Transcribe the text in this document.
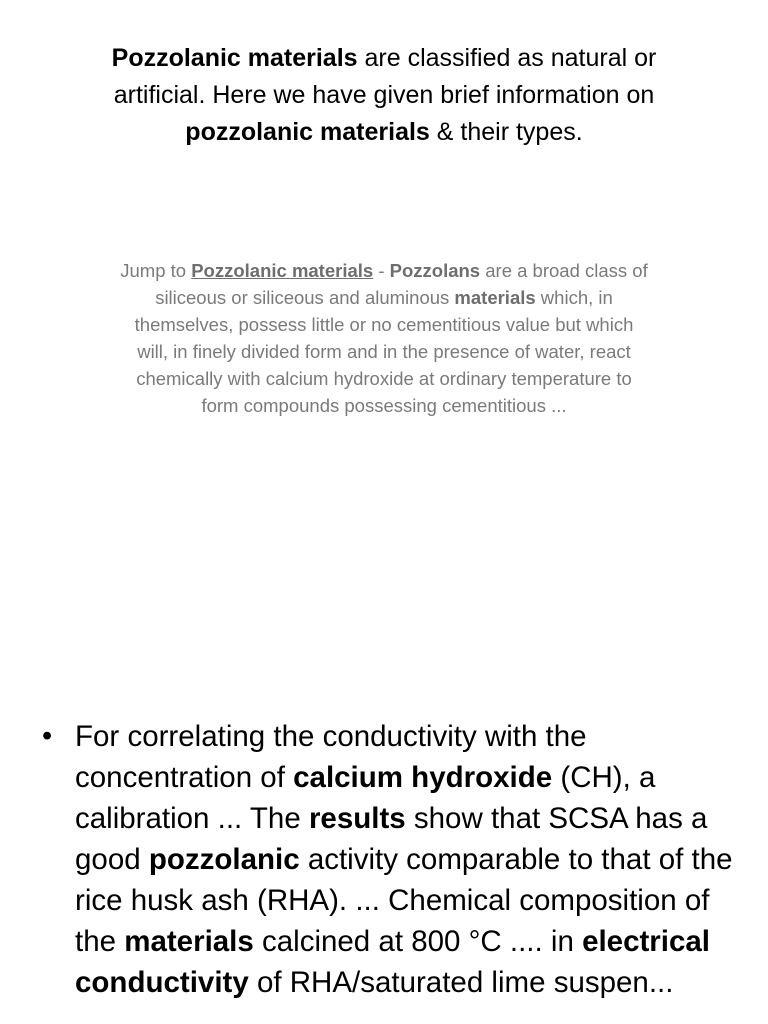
Pozzolanic materials are classified as natural or artificial. Here we have given brief information on pozzolanic materials & their types.

Jump to Pozzolanic materials - Pozzolans are a broad class of siliceous or siliceous and aluminous materials which, in themselves, possess little or no cementitious value but which will, in finely divided form and in the presence of water, react chemically with calcium hydroxide at ordinary temperature to form compounds possessing cementitious ...

• For correlating the conductivity with the concentration of calcium hydroxide (CH), a calibration ... The results show that SCSA has a good pozzolanic activity comparable to that of the rice husk ash (RHA). ... Chemical composition of the materials calcined at 800 °C .... in electrical conductivity of RHA/saturated lime suspen...
